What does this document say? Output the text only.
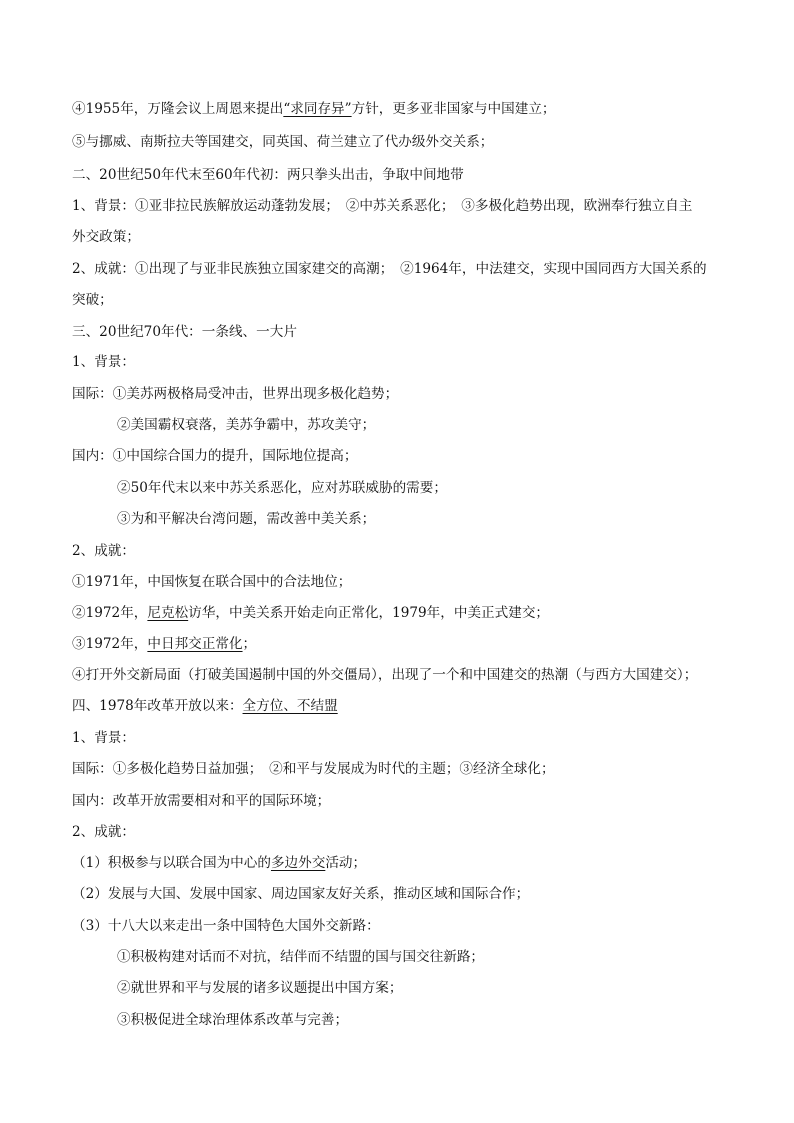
④1955年，万隆会议上周恩来提出“求同存异”方针，更多亚非国家与中国建立；
⑤与挪威、南斯拉夫等国建交，同英国、荷兰建立了代办级外交关系；
二、20世纪50年代末至60年代初：两只拳头出击，争取中间地带
1、背景：①亚非拉民族解放运动蓬勃发展；　②中苏关系恶化；　③多极化趋势出现，欧洲奉行独立自主
外交政策；
2、成就：①出现了与亚非民族独立国家建交的高潮；　②1964年，中法建交，实现中国同西方大国关系的
突破；
三、20世纪70年代：一条线、一大片
1、背景：
国际：①美苏两极格局受冲击，世界出现多极化趋势；
②美国霸权衰落，美苏争霸中，苏攻美守；
国内：①中国综合国力的提升，国际地位提高；
②50年代末以来中苏关系恶化，应对苏联威胁的需要；
③为和平解决台湾问题，需改善中美关系；
2、成就：
①1971年，中国恢复在联合国中的合法地位；
②1972年，尼克松访华，中美关系开始走向正常化，1979年，中美正式建交；
③1972年，中日邦交正常化；
④打开外交新局面（打破美国遏制中国的外交僵局），出现了一个和中国建交的热潮（与西方大国建交）；
四、1978年改革开放以来：全方位、不结盟
1、背景：
国际：①多极化趋势日益加强；　②和平与发展成为时代的主题；③经济全球化；
国内：改革开放需要相对和平的国际环境；
2、成就：
（1）积极参与以联合国为中心的多边外交活动；
（2）发展与大国、发展中国家、周边国家友好关系，推动区域和国际合作；
（3）十八大以来走出一条中国特色大国外交新路：
①积极构建对话而不对抗，结伴而不结盟的国与国交往新路；
②就世界和平与发展的诸多议题提出中国方案；
③积极促进全球治理体系改革与完善；
